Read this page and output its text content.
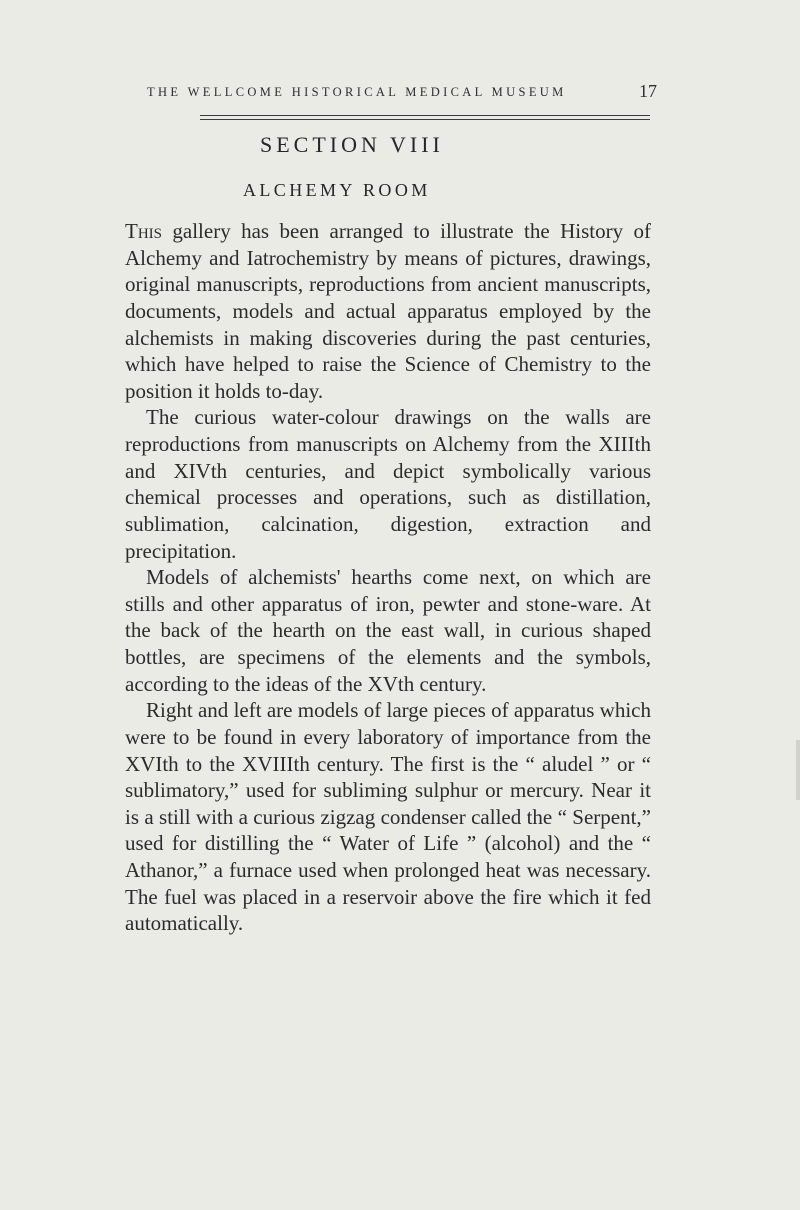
THE WELLCOME HISTORICAL MEDICAL MUSEUM	17
SECTION VIII
ALCHEMY ROOM

This gallery has been arranged to illustrate the History of Alchemy and Iatrochemistry by means of pictures, drawings, original manuscripts, reproductions from ancient manuscripts, documents, models and actual apparatus employed by the alchemists in making discoveries during the past centuries, which have helped to raise the Science of Chemistry to the position it holds to-day.

The curious water-colour drawings on the walls are reproductions from manuscripts on Alchemy from the XIIIth and XIVth centuries, and depict symbolically various chemical processes and operations, such as distillation, sublimation, calcination, digestion, extraction and precipitation.

Models of alchemists' hearths come next, on which are stills and other apparatus of iron, pewter and stone-ware. At the back of the hearth on the east wall, in curious shaped bottles, are specimens of the elements and the symbols, according to the ideas of the XVth century.

Right and left are models of large pieces of apparatus which were to be found in every laboratory of importance from the XVIth to the XVIIIth century. The first is the “ aludel ” or “ sublimatory,” used for subliming sulphur or mercury. Near it is a still with a curious zigzag condenser called the “ Serpent,” used for distilling the “ Water of Life ” (alcohol) and the “ Athanor,” a furnace used when prolonged heat was necessary. The fuel was placed in a reservoir above the fire which it fed automatically.
